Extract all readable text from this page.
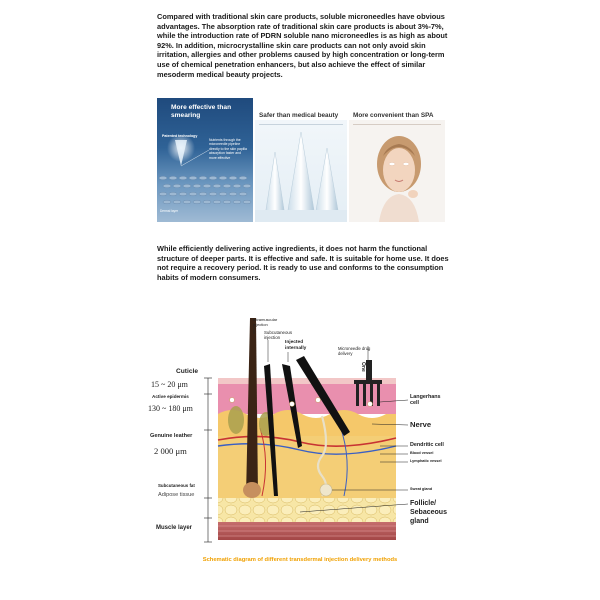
Compared with traditional skin care products, soluble microneedles have obvious advantages. The absorption rate of traditional skin care products is about 3%-7%, while the introduction rate of PDRN soluble nano microneedles is as high as about 92%. In addition, microcrystalline skin care products can not only avoid skin irritation, allergies and other problems caused by high concentration or long-term use of chemical penetration enhancers, but also achieve the effect of similar mesoderm medical beauty projects.

More effective than smearing
Patented technology
Nutrients through the microneedle pipeline directly to the skin papilla absorption faster and more effective
Dermal layer
Safer than medical beauty More convenient than SPA

While efficiently delivering active ingredients, it does not harm the functional structure of deeper parts. It is effective and safe. It is suitable for home use. It does not require a recovery period. It is ready to use and conforms to the consumption habits of modern consumers.

Cuticle
15 ~ 20 μm
Active epidermis
130 ~ 180 μm
Genuine leather
2 000 μm
Subcutaneous fat
Adipose tissue
Muscle layer
Intramuscular injection
Subcutaneous injection
Injected internally	Microneedle drug delivery
One
Langerhans cell
Nerve
Dendritic cell
Blood vessel
Lymphatic vessel
Sweat gland
Follicle/ Sebaceous gland
Schematic diagram of different transdermal injection delivery methods
